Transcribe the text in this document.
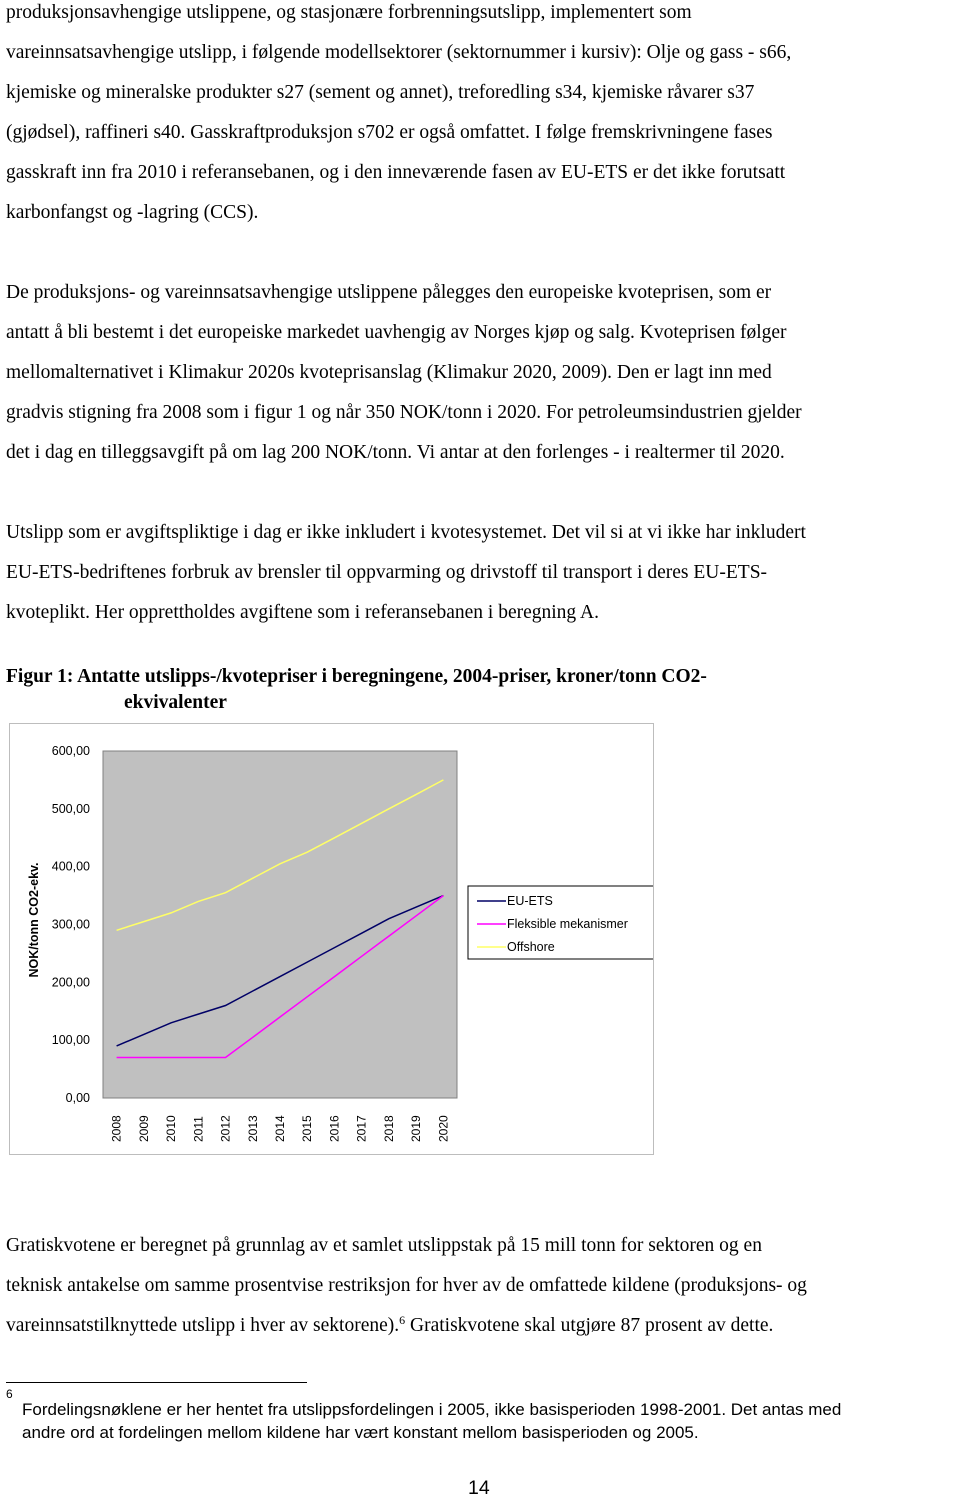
produksjonsavhengige utslippene, og stasjonære forbrenningsutslipp, implementert som
vareinnsatsavhengige utslipp, i følgende modellsektorer (sektornummer i kursiv): Olje og gass - s66,
kjemiske og mineralske produkter s27 (sement og annet), treforedling s34, kjemiske råvarer s37
(gjødsel), raffineri s40. Gasskraftproduksjon s702 er også omfattet. I følge fremskrivningene fases
gasskraft inn fra 2010 i referansebanen, og i den inneværende fasen av EU-ETS er det ikke forutsatt
karbonfangst og -lagring (CCS).
De produksjons- og vareinnsatsavhengige utslippene pålegges den europeiske kvoteprisen, som er
antatt å bli bestemt i det europeiske markedet uavhengig av Norges kjøp og salg. Kvoteprisen følger
mellomalternativet i Klimakur 2020s kvoteprisanslag (Klimakur 2020, 2009). Den er lagt inn med
gradvis stigning fra 2008 som i figur 1 og når 350 NOK/tonn i 2020. For petroleumsindustrien gjelder
det i dag en tilleggsavgift på om lag 200 NOK/tonn. Vi antar at den forlenges - i realtermer til 2020.
Utslipp som er avgiftspliktige i dag er ikke inkludert i kvotesystemet. Det vil si at vi ikke har inkludert
EU-ETS-bedriftenes forbruk av brensler til oppvarming og drivstoff til transport i deres EU-ETS-
kvoteplikt. Her opprettholdes avgiftene som i referansebanen i beregning A.
Figur 1: Antatte utslipps-/kvotepriser i beregningene, 2004-priser, kroner/tonn CO2-
ekvivalenter
600,00
500,00
400,00
300,00
200,00
100,00
0,00
2008 2009 2010 2011 2012 2013 2014 2015 2016 2017 2018 2019 2020
NOK/tonn CO2-ekv.	EU-ETS
Fleksible mekanismer
Offshore
Gratiskvotene er beregnet på grunnlag av et samlet utslippstak på 15 mill tonn for sektoren og en
teknisk antakelse om samme prosentvise restriksjon for hver av de omfattede kildene (produksjons- og
vareinnsatstilknyttede utslipp i hver av sektorene).$^6$ Gratiskvotene skal utgjøre 87 prosent av dette.
$^6$
Fordelingsnøklene er her hentet fra utslippsfordelingen i 2005, ikke basisperioden 1998-2001. Det antas med
andre ord at fordelingen mellom kildene har vært konstant mellom basisperioden og 2005.
14
